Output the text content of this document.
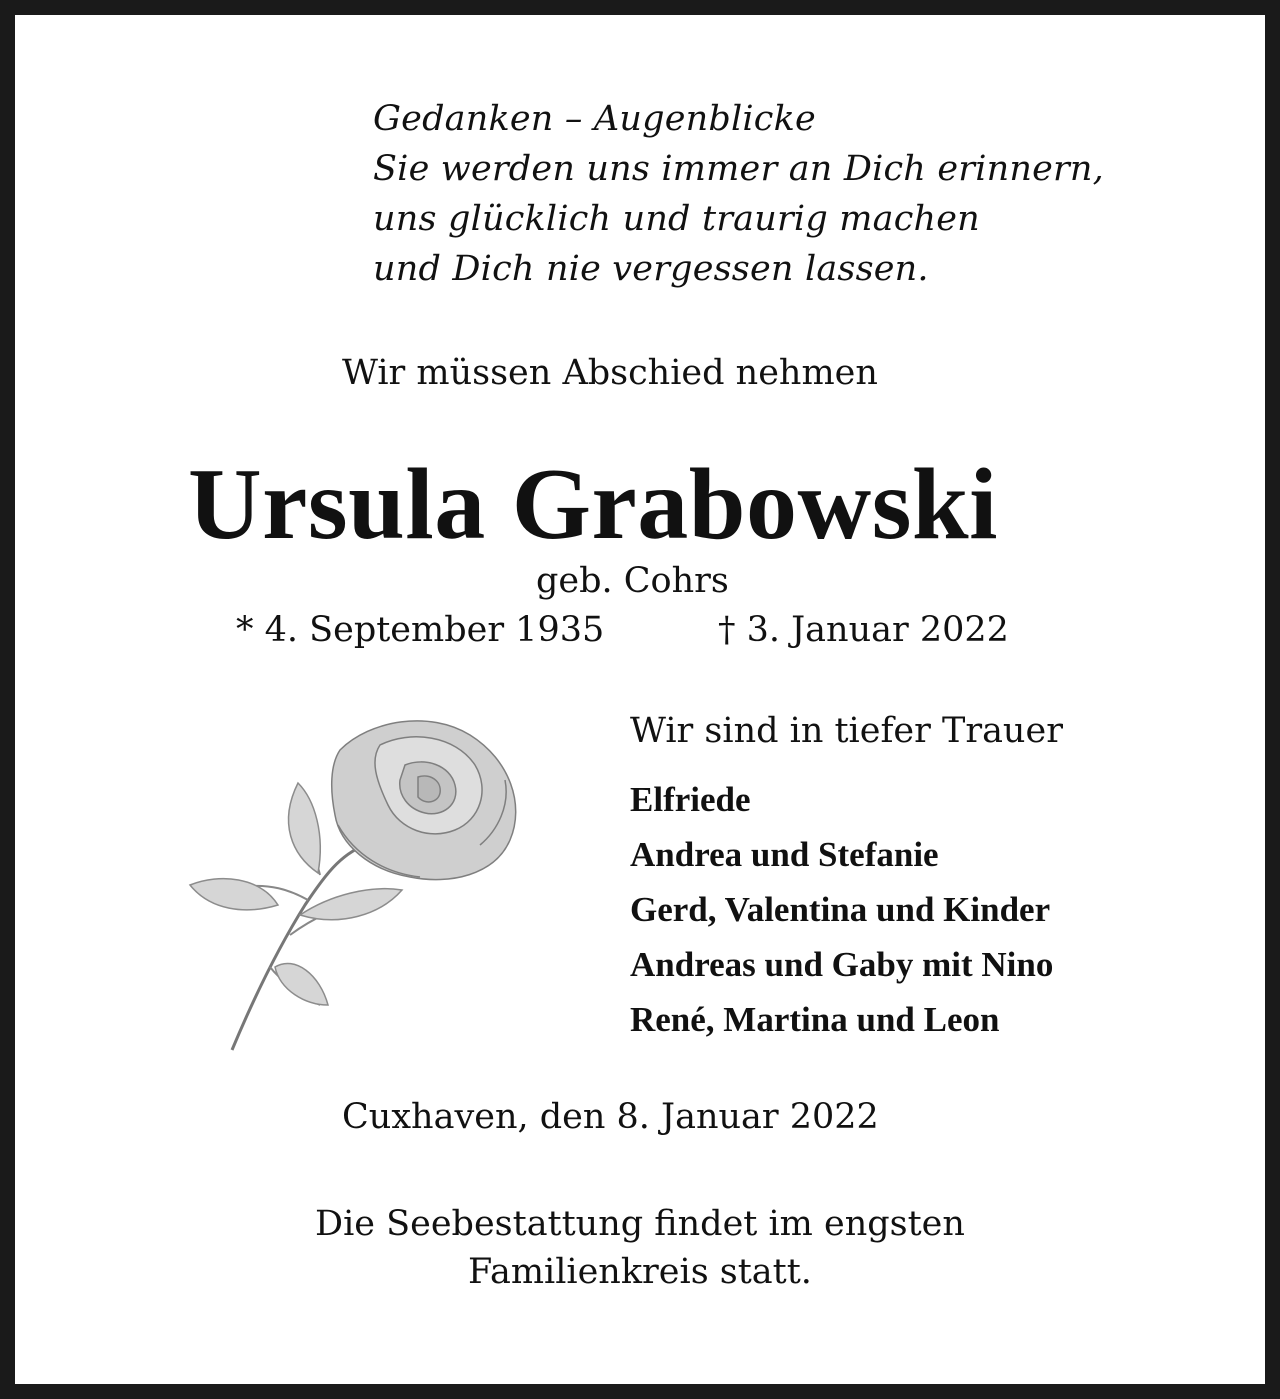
Gedanken – Augenblicke
Sie werden uns immer an Dich erinnern,
uns glücklich und traurig machen
und Dich nie vergessen lassen.
Wir müssen Abschied nehmen
Ursula Grabowski
geb. Cohrs
* 4. September 1935	† 3. Januar 2022
Wir sind in tiefer Trauer
Elfriede
Andrea und Stefanie
Gerd, Valentina und Kinder
Andreas und Gaby mit Nino
René, Martina und Leon
Cuxhaven, den 8. Januar 2022
Die Seebestattung findet im engsten
Familienkreis statt.
